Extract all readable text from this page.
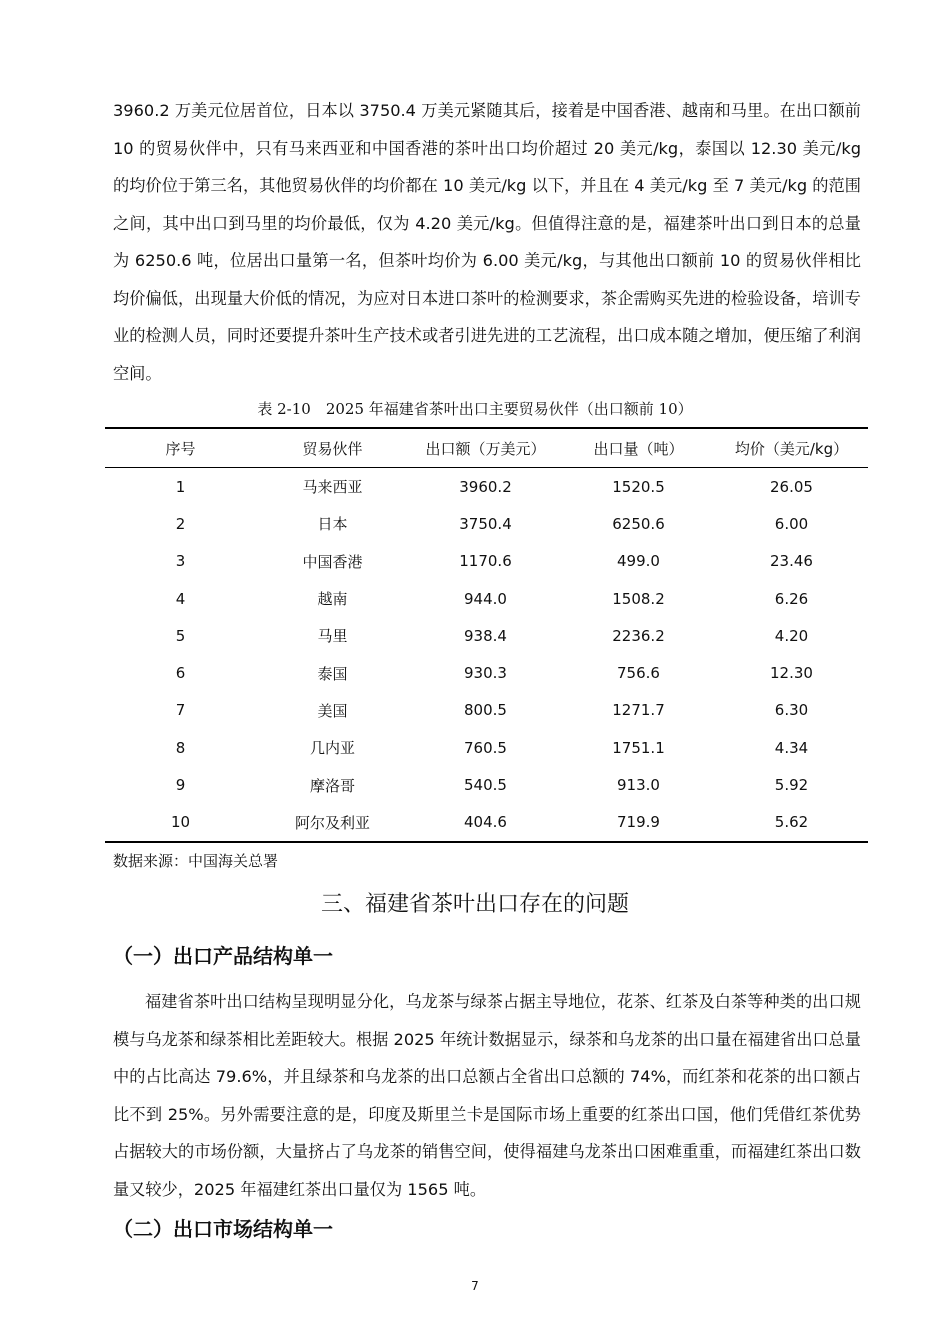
3960.2 万美元位居首位，日本以 3750.4 万美元紧随其后，接着是中国香港、越南和马里。在出口额前 10 的贸易伙伴中，只有马来西亚和中国香港的茶叶出口均价超过 20 美元/kg，泰国以 12.30 美元/kg 的均价位于第三名，其他贸易伙伴的均价都在 10 美元/kg 以下，并且在 4 美元/kg 至 7 美元/kg 的范围之间，其中出口到马里的均价最低，仅为 4.20 美元/kg。但值得注意的是，福建茶叶出口到日本的总量为 6250.6 吨，位居出口量第一名，但茶叶均价为 6.00 美元/kg，与其他出口额前 10 的贸易伙伴相比均价偏低，出现量大价低的情况，为应对日本进口茶叶的检测要求，茶企需购买先进的检验设备，培训专业的检测人员，同时还要提升茶叶生产技术或者引进先进的工艺流程，出口成本随之增加，便压缩了利润空间。

表 2-10　2025 年福建省茶叶出口主要贸易伙伴（出口额前 10）
序号	贸易伙伴	出口额（万美元）	出口量（吨）	均价（美元/kg）
1	马来西亚	3960.2	1520.5	26.05
2	日本	3750.4	6250.6	6.00
3	中国香港	1170.6	499.0	23.46
4	越南	944.0	1508.2	6.26
5	马里	938.4	2236.2	4.20
6	泰国	930.3	756.6	12.30
7	美国	800.5	1271.7	6.30
8	几内亚	760.5	1751.1	4.34
9	摩洛哥	540.5	913.0	5.92
10	阿尔及利亚	404.6	719.9	5.62
数据来源：中国海关总署
三、福建省茶叶出口存在的问题
（一）出口产品结构单一

福建省茶叶出口结构呈现明显分化，乌龙茶与绿茶占据主导地位，花茶、红茶及白茶等种类的出口规模与乌龙茶和绿茶相比差距较大。根据 2025 年统计数据显示，绿茶和乌龙茶的出口量在福建省出口总量中的占比高达 79.6%，并且绿茶和乌龙茶的出口总额占全省出口总额的 74%，而红茶和花茶的出口额占比不到 25%。另外需要注意的是，印度及斯里兰卡是国际市场上重要的红茶出口国，他们凭借红茶优势占据较大的市场份额，大量挤占了乌龙茶的销售空间，使得福建乌龙茶出口困难重重，而福建红茶出口数量又较少，2025 年福建红茶出口量仅为 1565 吨。

（二）出口市场结构单一
7
